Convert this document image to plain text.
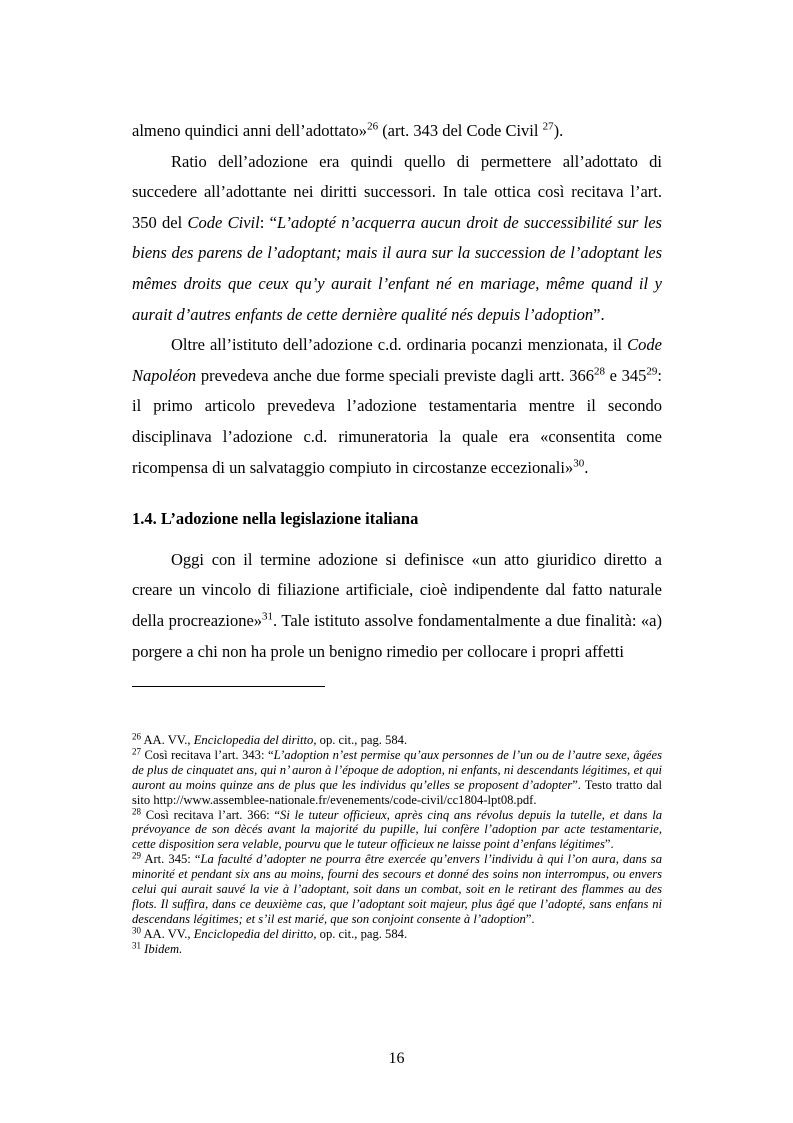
almeno quindici anni dell’adottato»$^{26}$ (art. 343 del Code Civil $^{27}$).

Ratio dell’adozione era quindi quello di permettere all’adottato di succedere all’adottante nei diritti successori. In tale ottica così recitava l’art. 350 del Code Civil: “L’adopté n’acquerra aucun droit de successibilité sur les biens des parens de l’adoptant; mais il aura sur la succession de l’adoptant les mêmes droits que ceux qu’y aurait l’enfant né en mariage, même quand il y aurait d’autres enfants de cette dernière qualité nés depuis l’adoption”.

Oltre all’istituto dell’adozione c.d. ordinaria pocanzi menzionata, il Code Napoléon prevedeva anche due forme speciali previste dagli artt. $366^{28}$ e $345^{29}$: il primo articolo prevedeva l’adozione testamentaria mentre il secondo disciplinava l’adozione c.d. rimuneratoria la quale era «consentita come ricompensa di un salvataggio compiuto in circostanze eccezionali»$^{30}$.

1.4. L’adozione nella legislazione italiana

Oggi con il termine adozione si definisce «un atto giuridico diretto a creare un vincolo di filiazione artificiale, cioè indipendente dal fatto naturale della procreazione»$^{31}$. Tale istituto assolve fondamentalmente a due finalità: «a) porgere a chi non ha prole un benigno rimedio per collocare i propri affetti

$^{26}$ AA. VV., Enciclopedia del diritto, op. cit., pag. 584.

$^{27}$ Così recitava l’art. 343: “L’adoption n’est permise qu’aux personnes de l’un ou de l’autre sexe, âgées de plus de cinquatet ans, qui n’ auron à l’époque de adoption, ni enfants, ni descendants légitimes, et qui auront au moins quinze ans de plus que les individus qu’elles se proposent d’adopter”. Testo tratto dal sito http://www.assemblee-nationale.fr/evenements/code-civil/cc1804-lpt08.pdf.

$^{28}$ Così recitava l’art. 366: “Si le tuteur officieux, après cinq ans révolus depuis la tutelle, et dans la prévoyance de son dècés avant la majorité du pupille, lui confère l’adoption par acte testamentarie, cette disposition sera velable, pourvu que le tuteur officieux ne laisse point d’enfans légitimes”.

$^{29}$ Art. 345: “La faculté d’adopter ne pourra être exercée qu’envers l’individu à qui l’on aura, dans sa minorité et pendant six ans au moins, fourni des secours et donné des soins non interrompus, ou envers celui qui aurait sauvé la vie à l’adoptant, soit dans un combat, soit en le retirant des flammes au des flots. Il suffira, dans ce deuxième cas, que l’adoptant soit majeur, plus âgé que l’adopté, sans enfans ni descendans légitimes; et s’il est marié, que son conjoint consente à l’adoption”.

$^{30}$ AA. VV., Enciclopedia del diritto, op. cit., pag. 584.

$^{31}$ Ibidem.

16
